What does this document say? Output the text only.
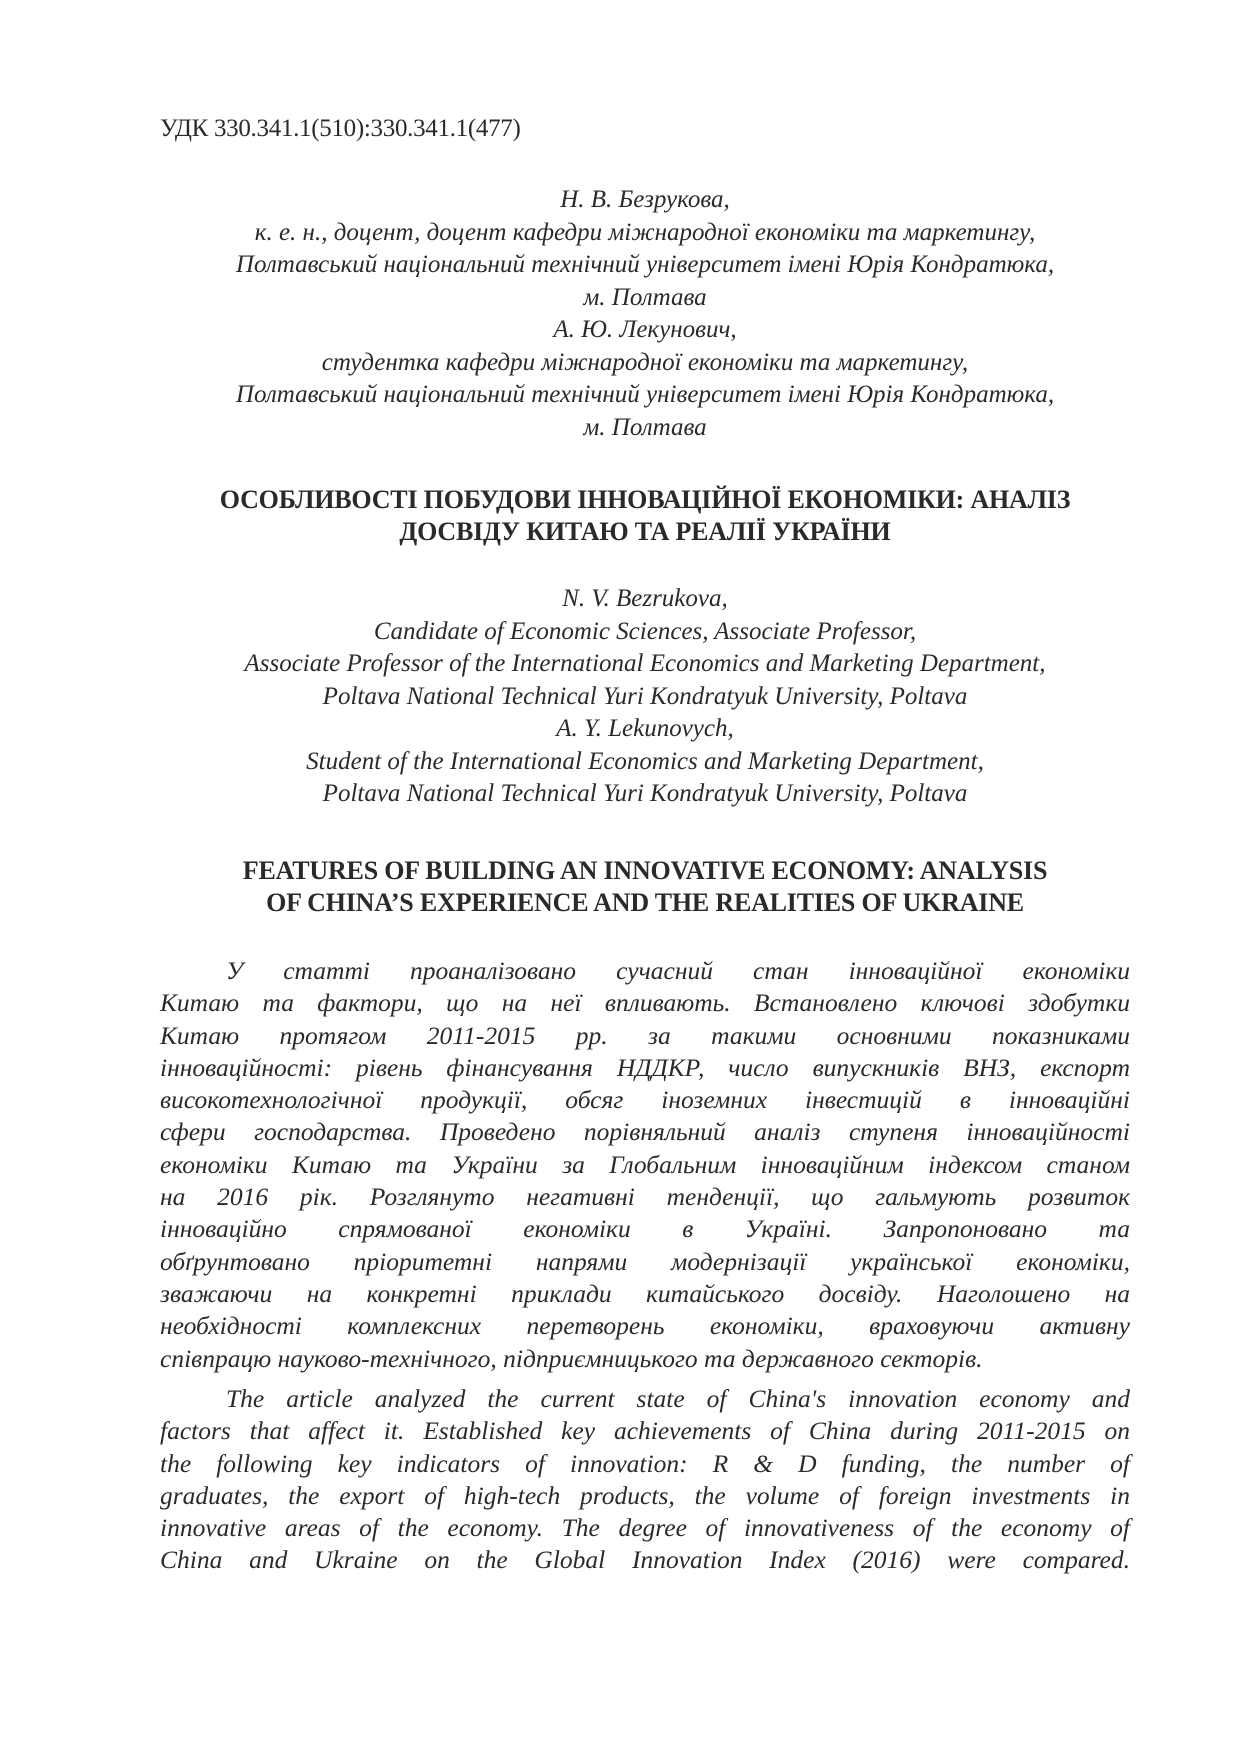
УДК 330.341.1(510):330.341.1(477)
Н. В. Безрукова,
к. е. н., доцент, доцент кафедри міжнародної економіки та маркетингу,
Полтавський національний технічний університет імені Юрія Кондратюка,
м. Полтава
А. Ю. Лекунович,
студентка кафедри міжнародної економіки та маркетингу,
Полтавський національний технічний університет імені Юрія Кондратюка,
м. Полтава
ОСОБЛИВОСТІ ПОБУДОВИ ІННОВАЦІЙНОЇ ЕКОНОМІКИ: АНАЛІЗ
ДОСВІДУ КИТАЮ ТА РЕАЛІЇ УКРАЇНИ
N. V. Bezrukova,
Candidate of Economic Sciences, Associate Professor,
Associate Professor of the International Economics and Marketing Department,
Poltava National Technical Yuri Kondratyuk University, Poltava
A. Y. Lekunovych,
Student of the International Economics and Marketing Department,
Poltava National Technical Yuri Kondratyuk University, Poltava
FEATURES OF BUILDING AN INNOVATIVE ECONOMY: ANALYSIS
OF CHINA’S EXPERIENCE AND THE REALITIES OF UKRAINE
У статті проаналізовано сучасний стан інноваційної економіки
Китаю та фактори, що на неї впливають. Встановлено ключові здобутки
Китаю протягом 2011-2015 рр. за такими основними показниками
інноваційності: рівень фінансування НДДКР, число випускників ВНЗ, експорт
високотехнологічної продукції, обсяг іноземних інвестицій в інноваційні
сфери господарства. Проведено порівняльний аналіз ступеня інноваційності
економіки Китаю та України за Глобальним інноваційним індексом станом
на 2016 рік. Розглянуто негативні тенденції, що гальмують розвиток
інноваційно спрямованої економіки в Україні. Запропоновано та
обґрунтовано пріоритетні напрями модернізації української економіки,
зважаючи на конкретні приклади китайського досвіду. Наголошено на
необхідності комплексних перетворень економіки, враховуючи активну
співпрацю науково-технічного, підприємницького та державного секторів.
The article analyzed the current state of China's innovation economy and
factors that affect it. Established key achievements of China during 2011-2015 on
the following key indicators of innovation: R & D funding, the number of
graduates, the export of high-tech products, the volume of foreign investments in
innovative areas of the economy. The degree of innovativeness of the economy of
China and Ukraine on the Global Innovation Index (2016) were compared.
